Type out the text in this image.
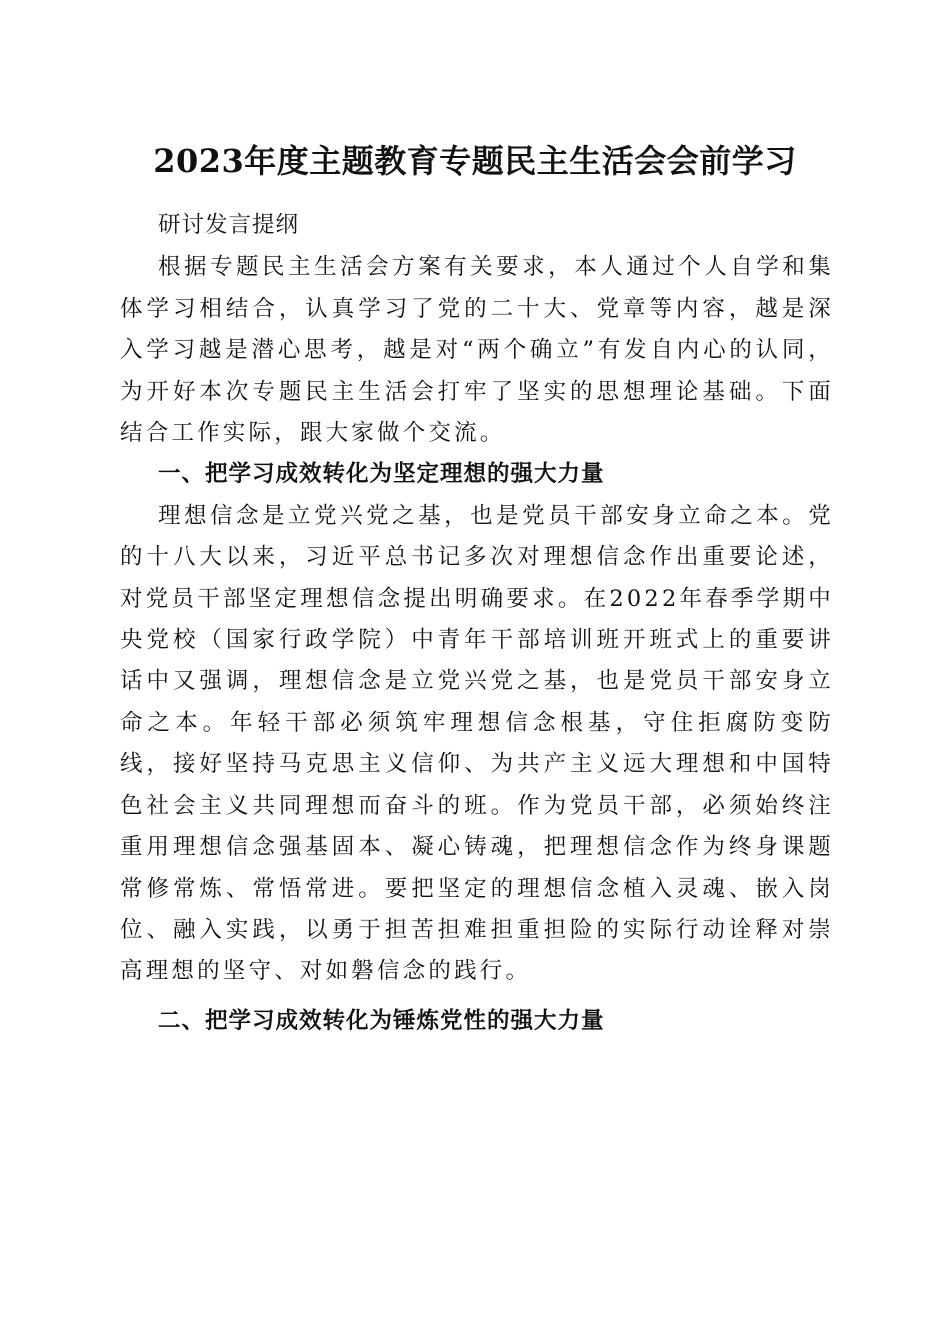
2023年度主题教育专题民主生活会会前学习

研讨发言提纲

根据专题民主生活会方案有关要求，本人通过个人自学和集体学习相结合，认真学习了党的二十大、党章等内容，越是深入学习越是潜心思考，越是对“两个确立”有发自内心的认同，为开好本次专题民主生活会打牢了坚实的思想理论基础。下面结合工作实际，跟大家做个交流。

一、把学习成效转化为坚定理想的强大力量

理想信念是立党兴党之基，也是党员干部安身立命之本。党的十八大以来，习近平总书记多次对理想信念作出重要论述，对党员干部坚定理想信念提出明确要求。在2022年春季学期中央党校（国家行政学院）中青年干部培训班开班式上的重要讲话中又强调，理想信念是立党兴党之基，也是党员干部安身立命之本。年轻干部必须筑牢理想信念根基，守住拒腐防变防线，接好坚持马克思主义信仰、为共产主义远大理想和中国特色社会主义共同理想而奋斗的班。作为党员干部，必须始终注重用理想信念强基固本、凝心铸魂，把理想信念作为终身课题常修常炼、常悟常进。要把坚定的理想信念植入灵魂、嵌入岗位、融入实践，以勇于担苦担难担重担险的实际行动诠释对崇高理想的坚守、对如磐信念的践行。

二、把学习成效转化为锤炼党性的强大力量
